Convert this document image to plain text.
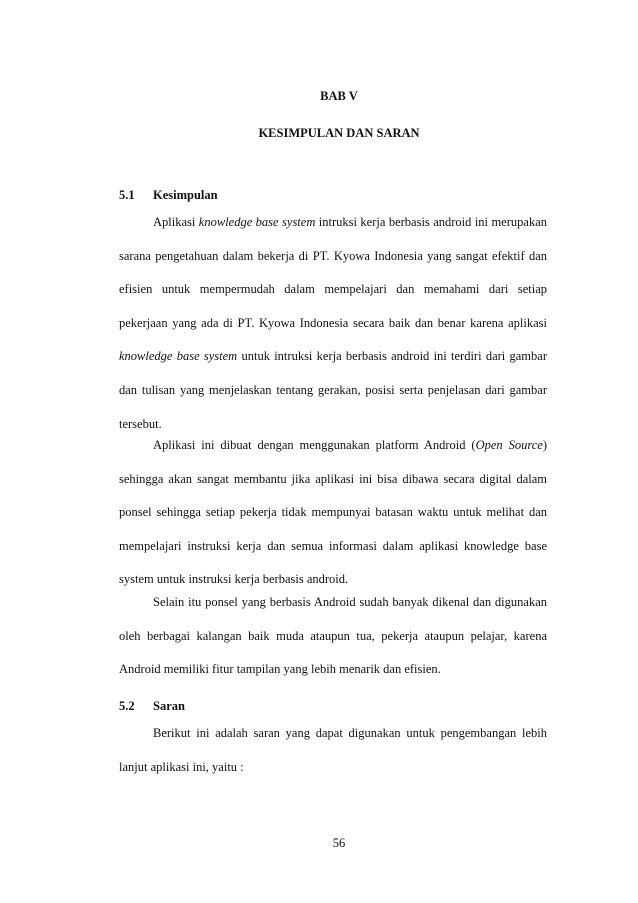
BAB V
KESIMPULAN DAN SARAN
5.1 Kesimpulan

Aplikasi knowledge base system intruksi kerja berbasis android ini merupakan sarana pengetahuan dalam bekerja di PT. Kyowa Indonesia yang sangat efektif dan efisien untuk mempermudah dalam mempelajari dan memahami dari setiap pekerjaan yang ada di PT. Kyowa Indonesia secara baik dan benar karena aplikasi knowledge base system untuk intruksi kerja berbasis android ini terdiri dari gambar dan tulisan yang menjelaskan tentang gerakan, posisi serta penjelasan dari gambar tersebut.

Aplikasi ini dibuat dengan menggunakan platform Android (Open Source) sehingga akan sangat membantu jika aplikasi ini bisa dibawa secara digital dalam ponsel sehingga setiap pekerja tidak mempunyai batasan waktu untuk melihat dan mempelajari instruksi kerja dan semua informasi dalam aplikasi knowledge base system untuk instruksi kerja berbasis android.

Selain itu ponsel yang berbasis Android sudah banyak dikenal dan digunakan oleh berbagai kalangan baik muda ataupun tua, pekerja ataupun pelajar, karena Android memiliki fitur tampilan yang lebih menarik dan efisien.

5.2 Saran

Berikut ini adalah saran yang dapat digunakan untuk pengembangan lebih lanjut aplikasi ini, yaitu :

56
